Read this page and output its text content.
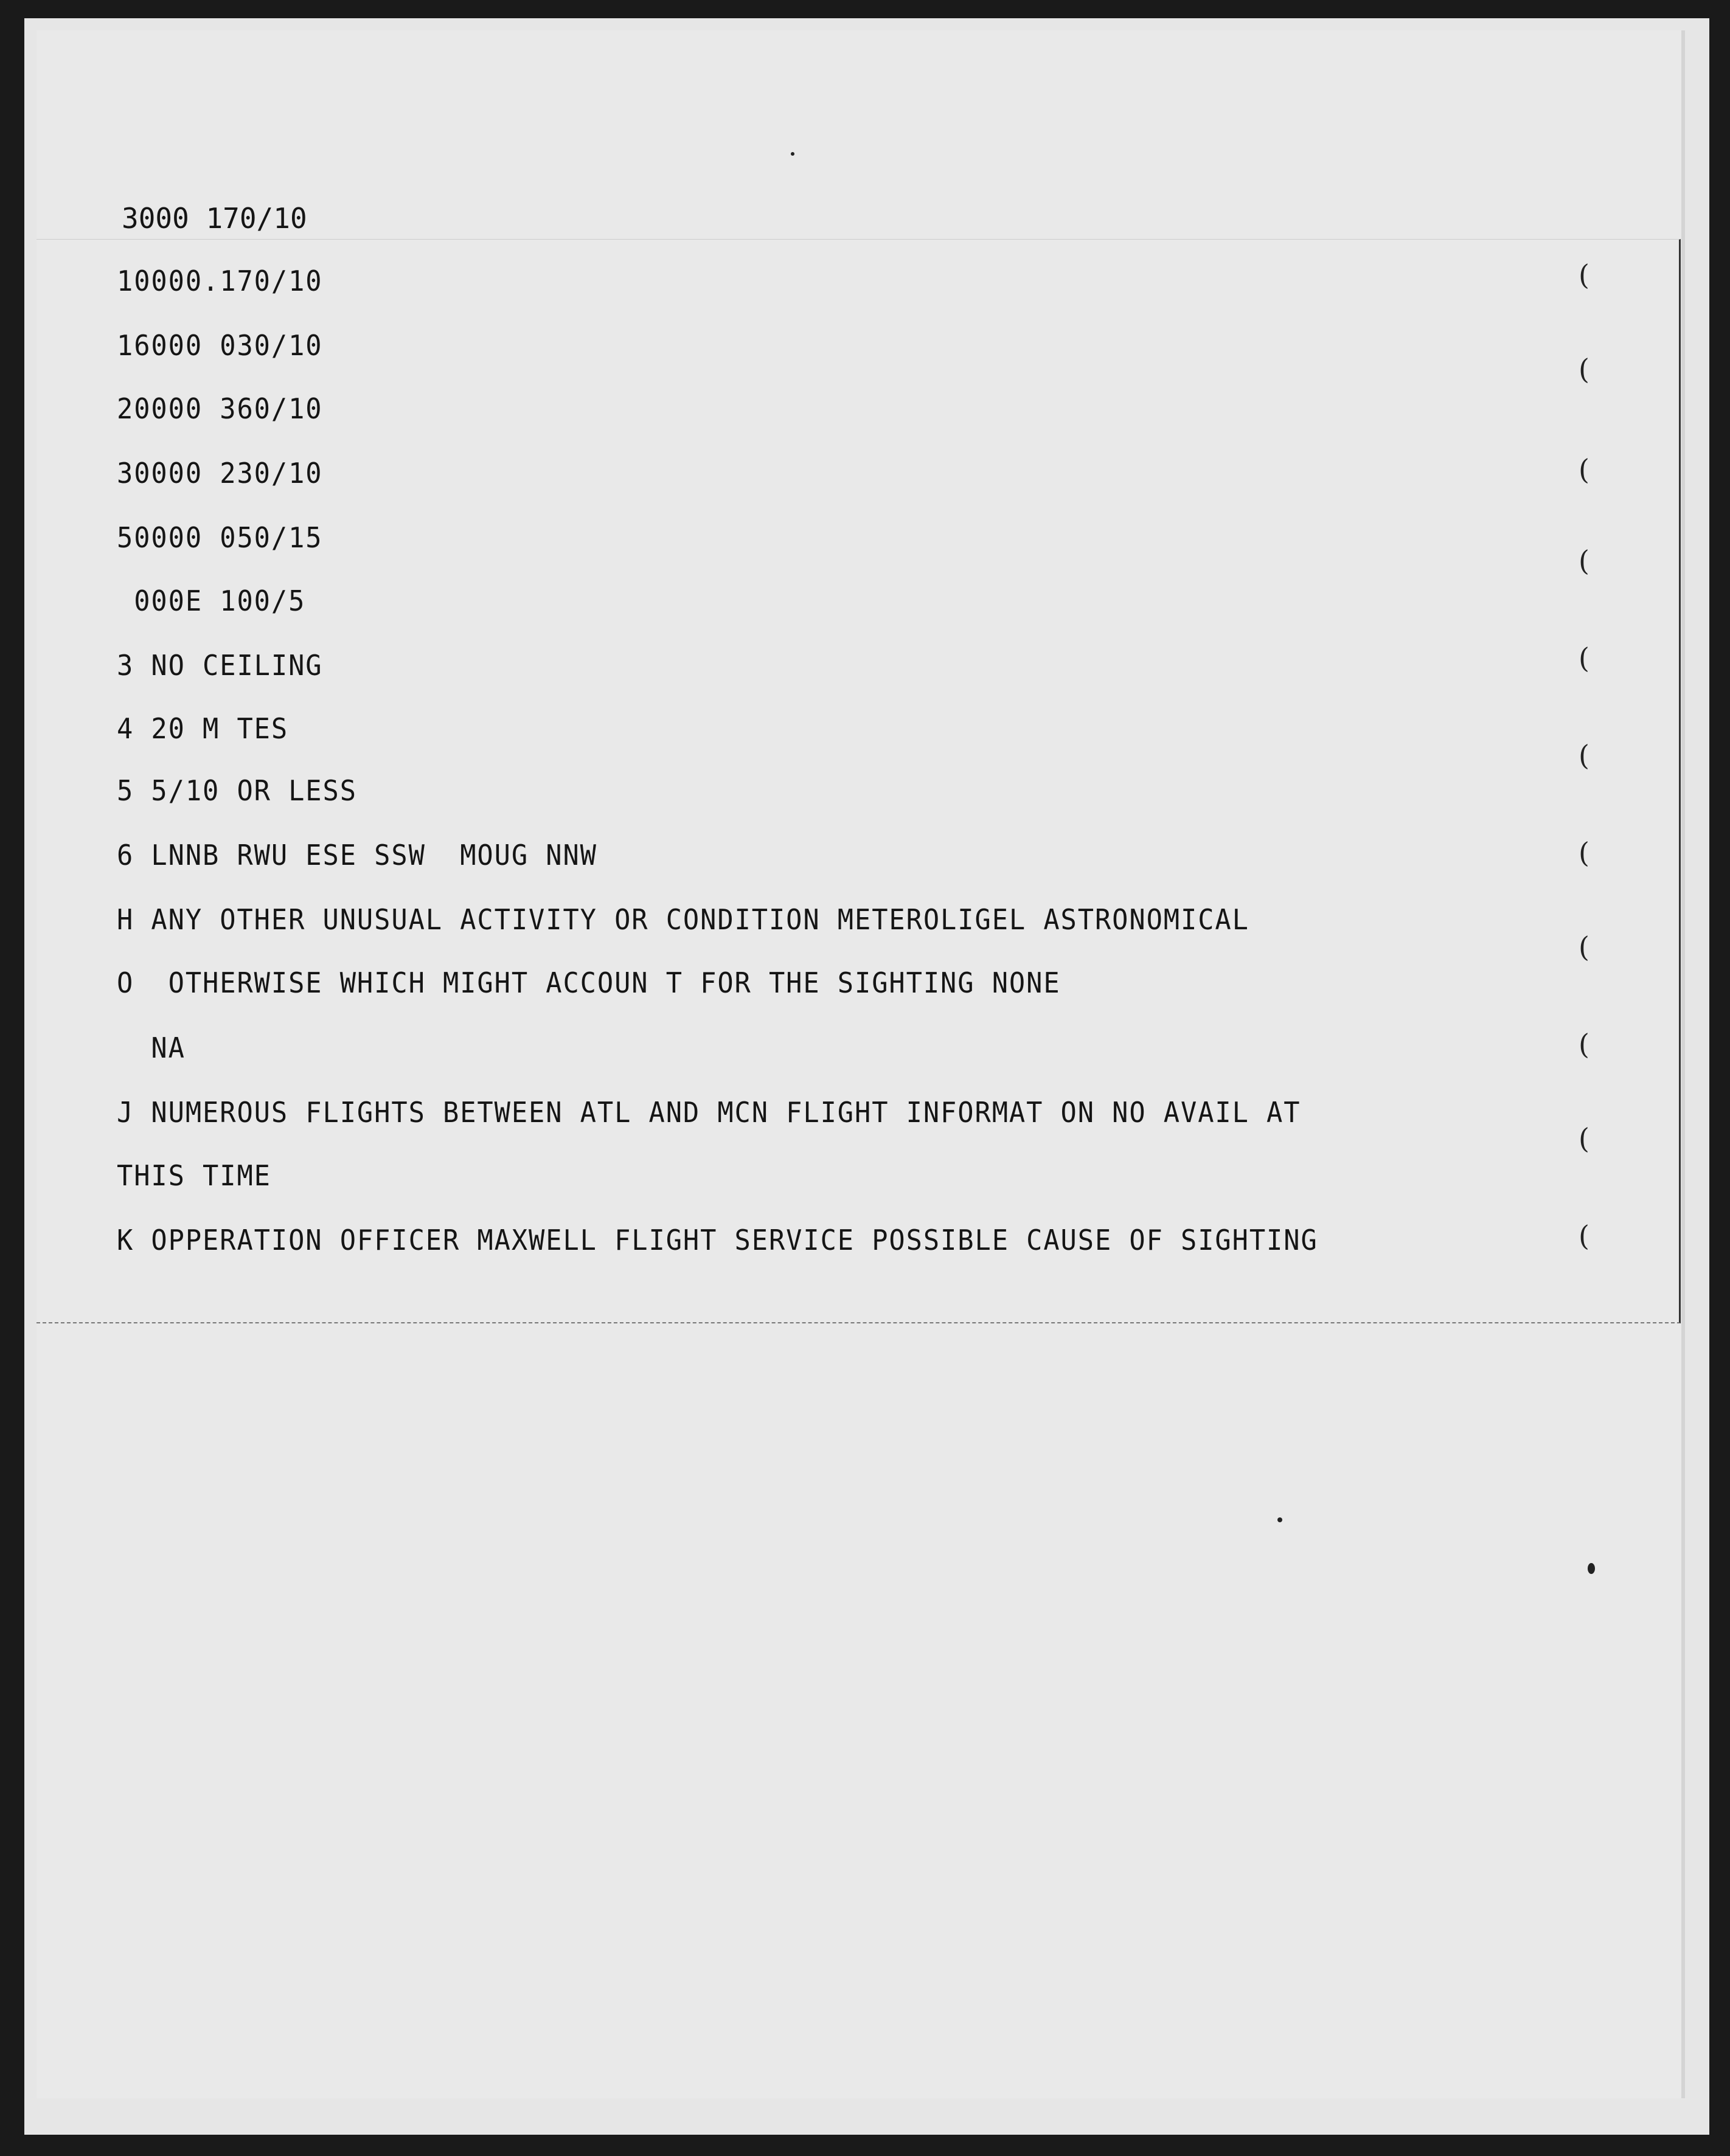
3000 170/10
10000.170/10
16000 030/10
20000 360/10
30000 230/10
50000 050/15
000E 100/5
3 NO CEILING
4 20 M TES
5 5/10 OR LESS
6 LNNB RWU ESE SSW  MOUG NNW
H ANY OTHER UNUSUAL ACTIVITY OR CONDITION METEROLIGEL ASTRONOMICAL
O  OTHERWISE WHICH MIGHT ACCOUN T FOR THE SIGHTING NONE
NA
J NUMEROUS FLIGHTS BETWEEN ATL AND MCN FLIGHT INFORMAT ON NO AVAIL AT
THIS TIME
K OPPERATION OFFICER MAXWELL FLIGHT SERVICE POSSIBLE CAUSE OF SIGHTING
(
(
(
(
(
(
(
(
(
(
(
